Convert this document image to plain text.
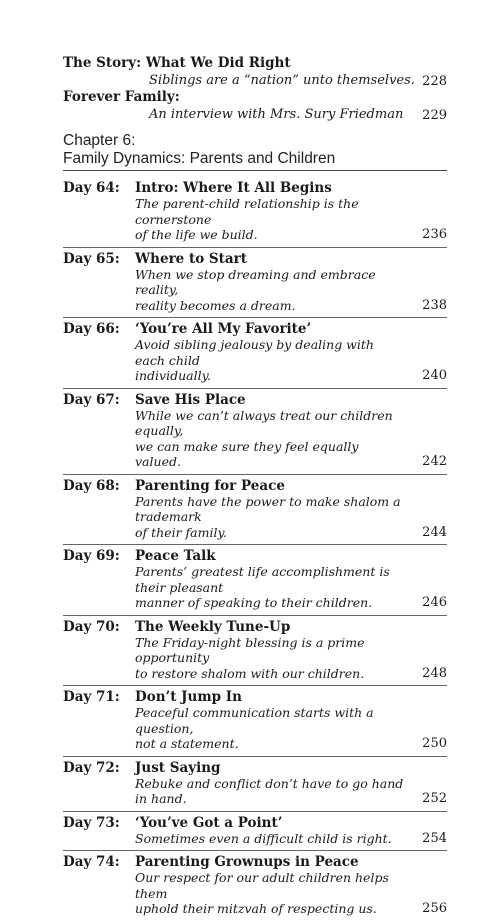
The Story: What We Did Right
Siblings are a “nation” unto themselves. 228
Forever Family:
An interview with Mrs. Sury Friedman 229
Chapter 6:
Family Dynamics: Parents and Children
Day 64:	Intro: Where It All Begins
The parent-child relationship is the cornerstone
of the life we build.	236
Day 65:	Where to Start
When we stop dreaming and embrace reality,
reality becomes a dream.	238
Day 66:	‘You’re All My Favorite’
Avoid sibling jealousy by dealing with each child
individually.	240
Day 67:	Save His Place
While we can’t always treat our children equally,
we can make sure they feel equally valued.	242
Day 68:	Parenting for Peace
Parents have the power to make shalom a trademark
of their family.	244
Day 69:	Peace Talk
Parents’ greatest life accomplishment is their pleasant
manner of speaking to their children.	246
Day 70:	The Weekly Tune-Up
The Friday-night blessing is a prime opportunity
to restore shalom with our children.	248
Day 71:	Don’t Jump In
Peaceful communication starts with a question,
not a statement.	250
Day 72:	Just Saying
Rebuke and conflict don’t have to go hand in hand.	252
Day 73:	‘You’ve Got a Point’
Sometimes even a difficult child is right.	254
Day 74:	Parenting Grownups in Peace
Our respect for our adult children helps them
uphold their mitzvah of respecting us.	256
